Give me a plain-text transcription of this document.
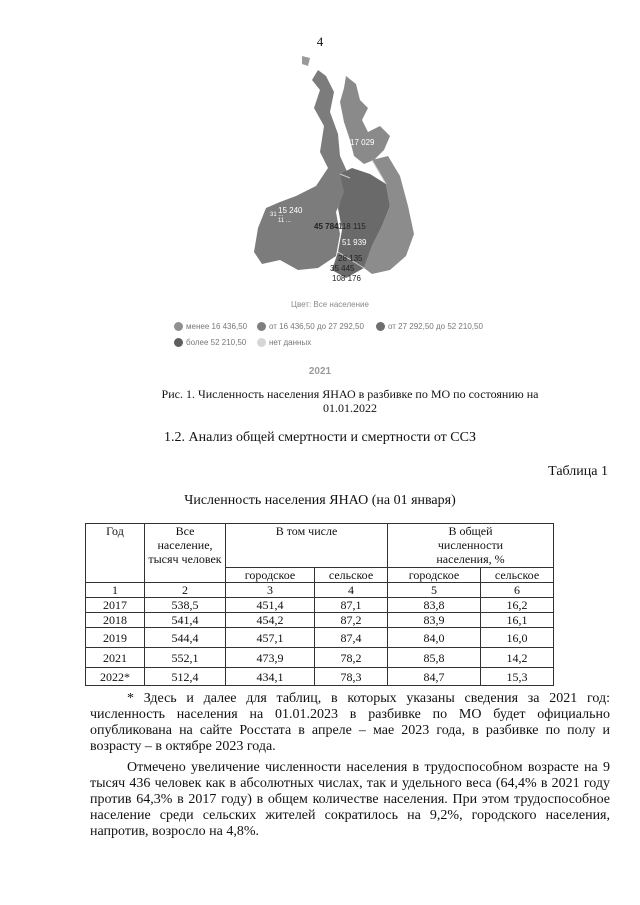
4
17 071	17 029
15 240
31 ...
11 ...
45 784 118 115
51 939
28 135
35 445
108 176
Цвет: Все население
менее 16 436,50	от 16 436,50 до 27 292,50	от 27 292,50 до 52 210,50
более 52 210,50	нет данных
2021
Рис. 1. Численность населения ЯНАО в разбивке по МО по состоянию на 01.01.2022
1.2. Анализ общей смертности и смертности от ССЗ
Таблица 1
Численность населения ЯНАО (на 01 января)
Год	Все население, тысяч человек	В том числе		В общей численности населения, %	
		городское	сельское	городское	сельское
1	2	3	4	5	6
2017	538,5	451,4	87,1	83,8	16,2
2018	541,4	454,2	87,2	83,9	16,1
2019	544,4	457,1	87,4	84,0	16,0
2021	552,1	473,9	78,2	85,8	14,2
2022*	512,4	434,1	78,3	84,7	15,3

* Здесь и далее для таблиц, в которых указаны сведения за 2021 год: численность населения на 01.01.2023 в разбивке по МО будет официально опубликована на сайте Росстата в апреле – мае 2023 года, в разбивке по полу и возрасту – в октябре 2023 года.

Отмечено увеличение численности населения в трудоспособном возрасте на 9 тысяч 436 человек как в абсолютных числах, так и удельного веса (64,4% в 2021 году против 64,3% в 2017 году) в общем количестве населения. При этом трудоспособное население среди сельских жителей сократилось на 9,2%, городского населения, напротив, возросло на 4,8%.
